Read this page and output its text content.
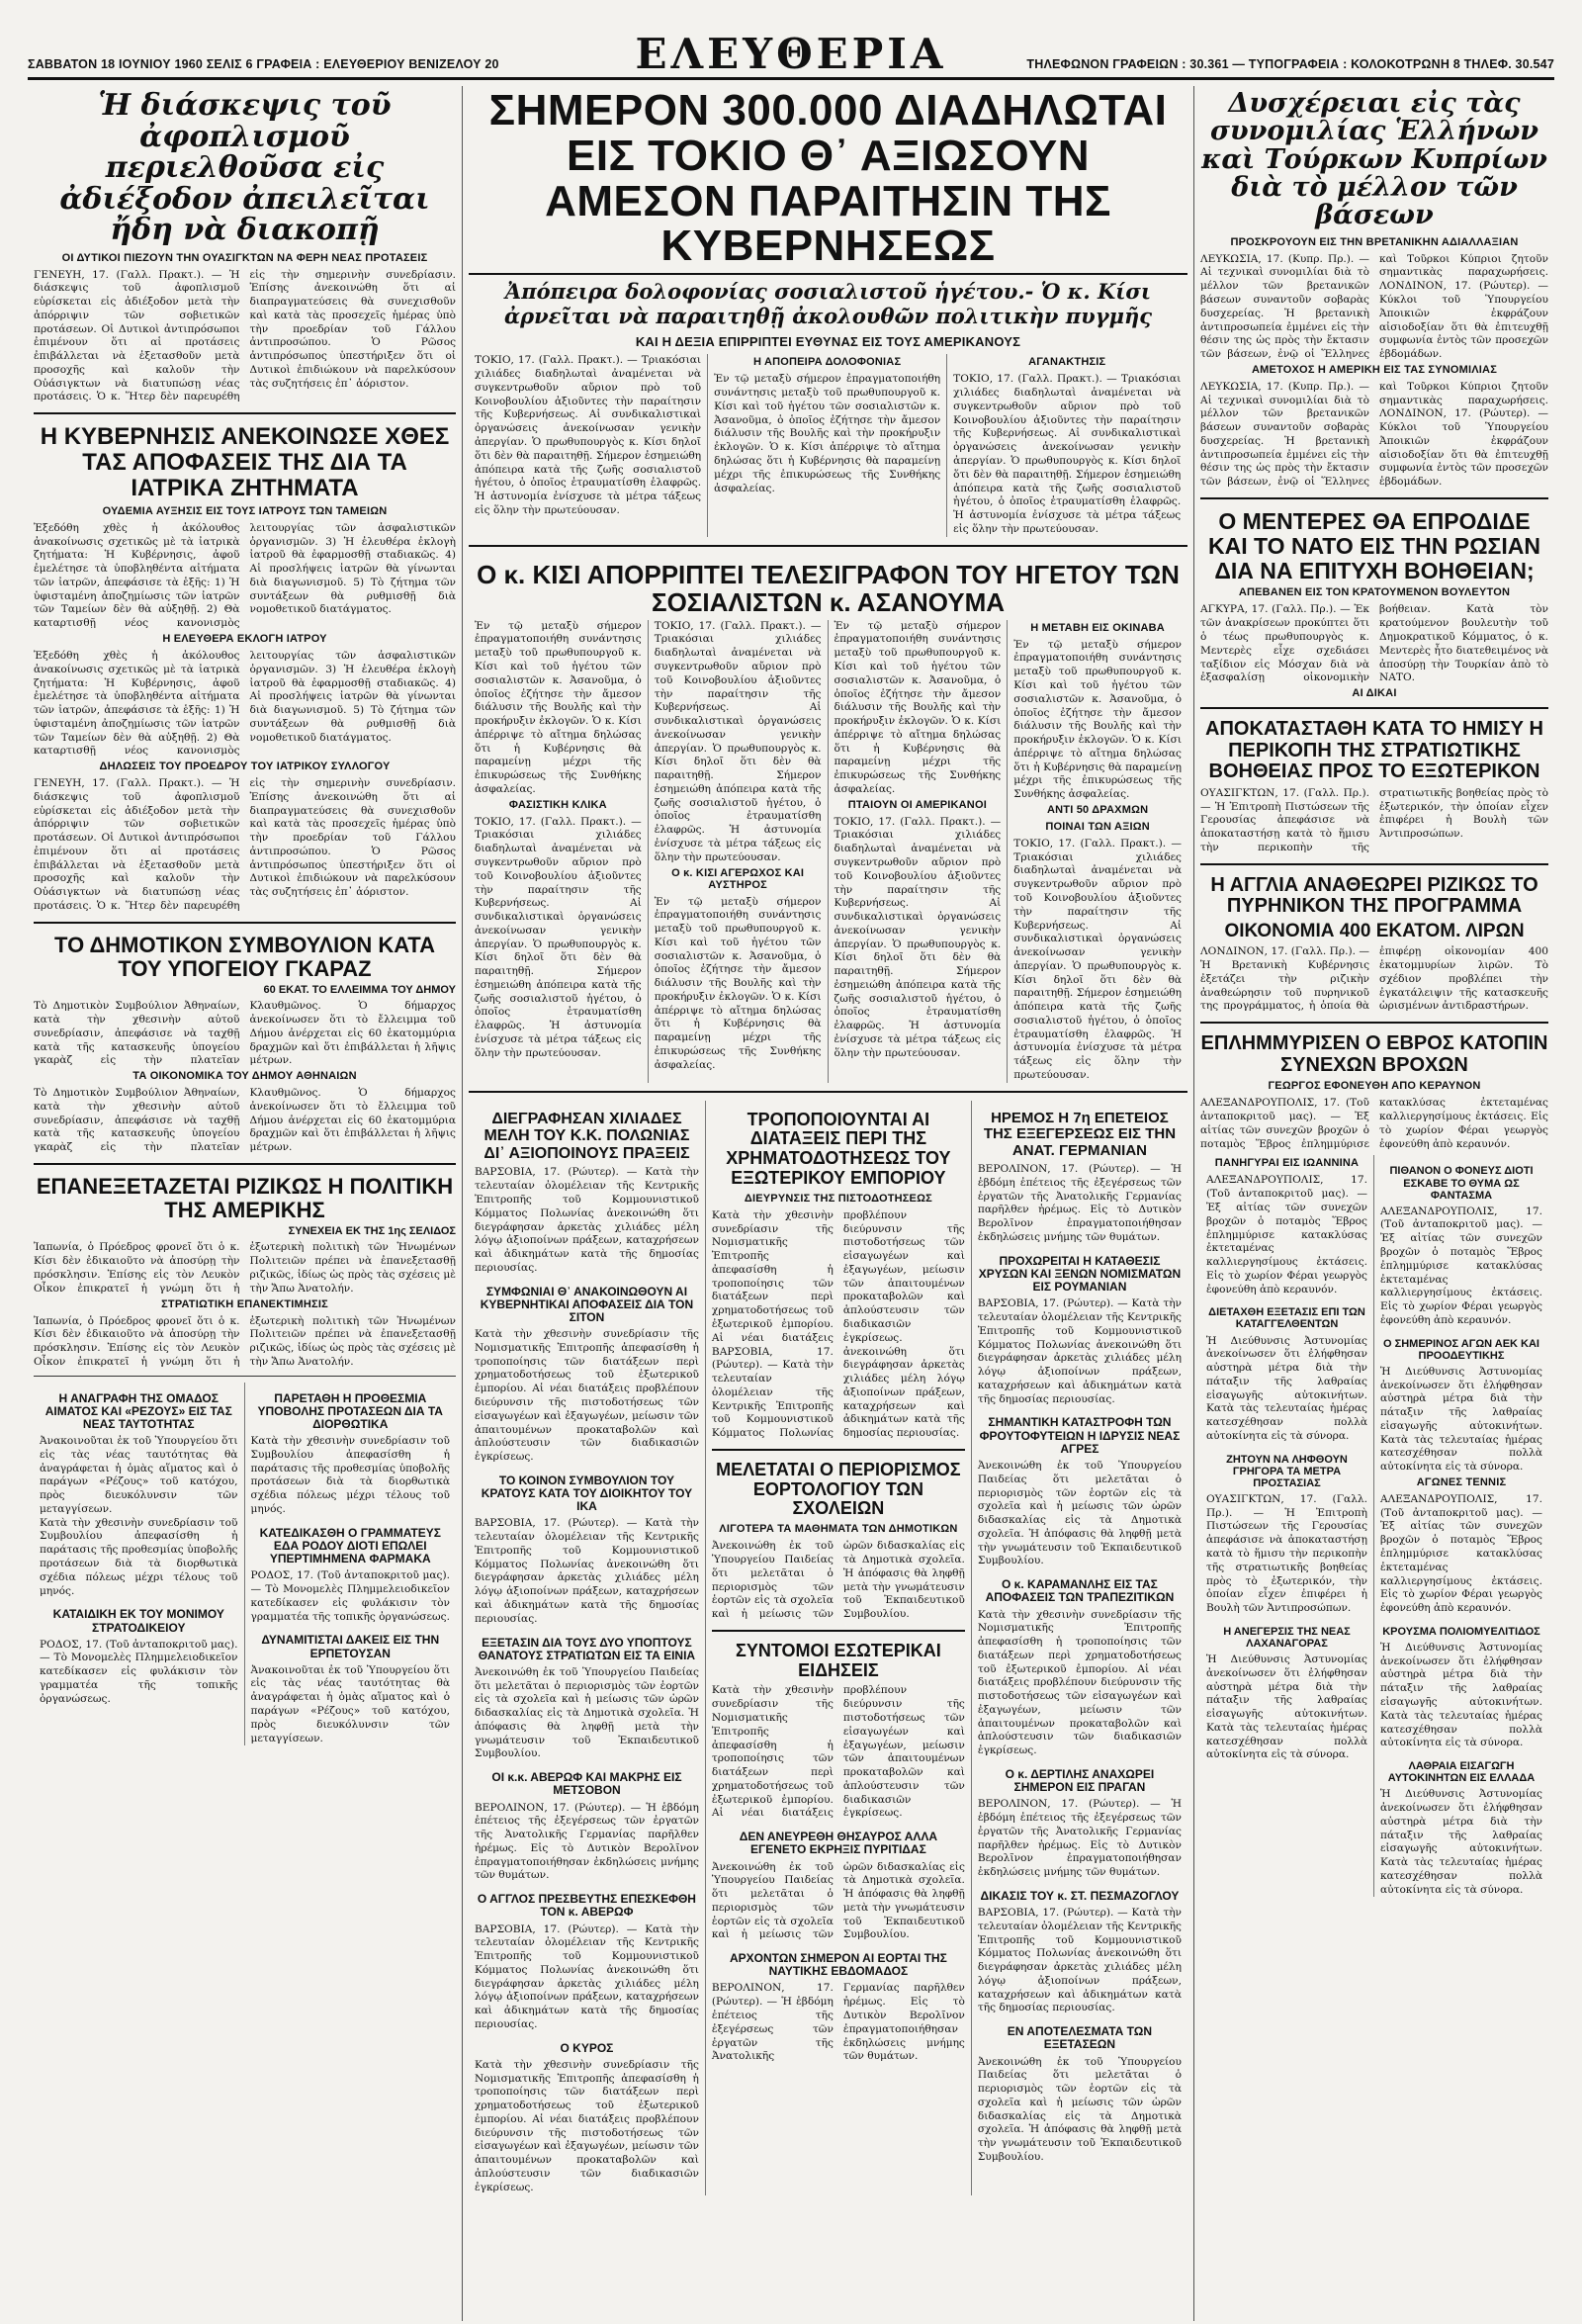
ΣΑΒΒΑΤΟΝ 18 ΙΟΥΝΙΟΥ 1960 ΣΕΛΙΣ 6 ΓΡΑΦΕΙΑ : ΕΛΕΥΘΕΡΙΟΥ ΒΕΝΙΖΕΛΟΥ 20	ΕΛΕΥΘΕΡΙΑ	ΤΗΛΕΦΩΝΟΝ ΓΡΑΦΕΙΩΝ : 30.361 — ΤΥΠΟΓΡΑΦΕΙΑ : ΚΟΛΟΚΟΤΡΩΝΗ 8 ΤΗΛΕΦ. 30.547
Ἡ διάσκεψις τοῦ ἀφοπλισμοῦ περιελθοῦσα εἰς ἀδιέξοδον ἀπειλεῖται ἤδη νὰ διακοπῇ
ΟΙ ΔΥΤΙΚΟΙ ΠΙΕΖΟΥΝ ΤΗΝ ΟΥΑΣΙΓΚΤΩΝ ΝΑ ΦΕΡΗ ΝΕΑΣ ΠΡΟΤΑΣΕΙΣ

ΓΕΝΕΥΗ, 17. (Γαλλ. Πρακτ.). — Ἡ διάσκεψις τοῦ ἀφοπλισμοῦ εὑρίσκεται εἰς ἀδιέξοδον μετὰ τὴν ἀπόρριψιν τῶν σοβιετικῶν προτάσεων. Οἱ Δυτικοὶ ἀντιπρόσωποι ἐπιμένουν ὅτι αἱ προτάσεις ἐπιβάλλεται νὰ ἐξετασθοῦν μετὰ προσοχῆς καὶ καλοῦν τὴν Οὐάσιγκτων νὰ διατυπώσῃ νέας προτάσεις. Ὁ κ. Ἥτερ δὲν παρευρέθη εἰς τὴν σημερινὴν συνεδρίασιν. Ἐπίσης ἀνεκοινώθη ὅτι αἱ διαπραγματεύσεις θὰ συνεχισθοῦν καὶ κατὰ τὰς προσεχεῖς ἡμέρας ὑπὸ τὴν προεδρίαν τοῦ Γάλλου ἀντιπροσώπου. Ὁ Ρῶσος ἀντιπρόσωπος ὑπεστήριξεν ὅτι οἱ Δυτικοὶ ἐπιδιώκουν νὰ παρελκύσουν τὰς συζητήσεις ἐπ᾽ ἀόριστον.

Η ΚΥΒΕΡΝΗΣΙΣ ΑΝΕΚΟΙΝΩΣΕ ΧΘΕΣ ΤΑΣ ΑΠΟΦΑΣΕΙΣ ΤΗΣ ΔΙΑ ΤΑ ΙΑΤΡΙΚΑ ΖΗΤΗΜΑΤΑ
ΟΥΔΕΜΙΑ ΑΥΞΗΣΙΣ ΕΙΣ ΤΟΥΣ ΙΑΤΡΟΥΣ ΤΩΝ ΤΑΜΕΙΩΝ

Ἐξεδόθη χθὲς ἡ ἀκόλουθος ἀνακοίνωσις σχετικῶς μὲ τὰ ἰατρικὰ ζητήματα: Ἡ Κυβέρνησις, ἀφοῦ ἐμελέτησε τὰ ὑποβληθέντα αἰτήματα τῶν ἰατρῶν, ἀπεφάσισε τὰ ἑξῆς: 1) Ἡ ὑφισταμένη ἀποζημίωσις τῶν ἰατρῶν τῶν Ταμείων δὲν θὰ αὐξηθῇ. 2) Θὰ καταρτισθῇ νέος κανονισμὸς λειτουργίας τῶν ἀσφαλιστικῶν ὀργανισμῶν. 3) Ἡ ἐλευθέρα ἐκλογὴ ἰατροῦ θὰ ἐφαρμοσθῇ σταδιακῶς. 4) Αἱ προσλήψεις ἰατρῶν θὰ γίνωνται διὰ διαγωνισμοῦ. 5) Τὸ ζήτημα τῶν συντάξεων θὰ ρυθμισθῇ διὰ νομοθετικοῦ διατάγματος.

Η ΕΛΕΥΘΕΡΑ ΕΚΛΟΓΗ ΙΑΤΡΟΥ

Ἐξεδόθη χθὲς ἡ ἀκόλουθος ἀνακοίνωσις σχετικῶς μὲ τὰ ἰατρικὰ ζητήματα: Ἡ Κυβέρνησις, ἀφοῦ ἐμελέτησε τὰ ὑποβληθέντα αἰτήματα τῶν ἰατρῶν, ἀπεφάσισε τὰ ἑξῆς: 1) Ἡ ὑφισταμένη ἀποζημίωσις τῶν ἰατρῶν τῶν Ταμείων δὲν θὰ αὐξηθῇ. 2) Θὰ καταρτισθῇ νέος κανονισμὸς λειτουργίας τῶν ἀσφαλιστικῶν ὀργανισμῶν. 3) Ἡ ἐλευθέρα ἐκλογὴ ἰατροῦ θὰ ἐφαρμοσθῇ σταδιακῶς. 4) Αἱ προσλήψεις ἰατρῶν θὰ γίνωνται διὰ διαγωνισμοῦ. 5) Τὸ ζήτημα τῶν συντάξεων θὰ ρυθμισθῇ διὰ νομοθετικοῦ διατάγματος.

ΔΗΛΩΣΕΙΣ ΤΟΥ ΠΡΟΕΔΡΟΥ ΤΟΥ ΙΑΤΡΙΚΟΥ ΣΥΛΛΟΓΟΥ

ΓΕΝΕΥΗ, 17. (Γαλλ. Πρακτ.). — Ἡ διάσκεψις τοῦ ἀφοπλισμοῦ εὑρίσκεται εἰς ἀδιέξοδον μετὰ τὴν ἀπόρριψιν τῶν σοβιετικῶν προτάσεων. Οἱ Δυτικοὶ ἀντιπρόσωποι ἐπιμένουν ὅτι αἱ προτάσεις ἐπιβάλλεται νὰ ἐξετασθοῦν μετὰ προσοχῆς καὶ καλοῦν τὴν Οὐάσιγκτων νὰ διατυπώσῃ νέας προτάσεις. Ὁ κ. Ἥτερ δὲν παρευρέθη εἰς τὴν σημερινὴν συνεδρίασιν. Ἐπίσης ἀνεκοινώθη ὅτι αἱ διαπραγματεύσεις θὰ συνεχισθοῦν καὶ κατὰ τὰς προσεχεῖς ἡμέρας ὑπὸ τὴν προεδρίαν τοῦ Γάλλου ἀντιπροσώπου. Ὁ Ρῶσος ἀντιπρόσωπος ὑπεστήριξεν ὅτι οἱ Δυτικοὶ ἐπιδιώκουν νὰ παρελκύσουν τὰς συζητήσεις ἐπ᾽ ἀόριστον.

ΤΟ ΔΗΜΟΤΙΚΟΝ ΣΥΜΒΟΥΛΙΟΝ ΚΑΤΑ ΤΟΥ ΥΠΟΓΕΙΟΥ ΓΚΑΡΑΖ
60 ΕΚΑΤ. ΤΟ ΕΛΛΕΙΜΜΑ ΤΟΥ ΔΗΜΟΥ

Τὸ Δημοτικὸν Συμβούλιον Ἀθηναίων, κατὰ τὴν χθεσινὴν αὐτοῦ συνεδρίασιν, ἀπεφάσισε νὰ ταχθῇ κατὰ τῆς κατασκευῆς ὑπογείου γκαρὰζ εἰς τὴν πλατεῖαν Κλαυθμῶνος. Ὁ δήμαρχος ἀνεκοίνωσεν ὅτι τὸ ἔλλειμμα τοῦ Δήμου ἀνέρχεται εἰς 60 ἑκατομμύρια δραχμῶν καὶ ὅτι ἐπιβάλλεται ἡ λῆψις μέτρων.

ΤΑ ΟΙΚΟΝΟΜΙΚΑ ΤΟΥ ΔΗΜΟΥ ΑΘΗΝΑΙΩΝ

Τὸ Δημοτικὸν Συμβούλιον Ἀθηναίων, κατὰ τὴν χθεσινὴν αὐτοῦ συνεδρίασιν, ἀπεφάσισε νὰ ταχθῇ κατὰ τῆς κατασκευῆς ὑπογείου γκαρὰζ εἰς τὴν πλατεῖαν Κλαυθμῶνος. Ὁ δήμαρχος ἀνεκοίνωσεν ὅτι τὸ ἔλλειμμα τοῦ Δήμου ἀνέρχεται εἰς 60 ἑκατομμύρια δραχμῶν καὶ ὅτι ἐπιβάλλεται ἡ λῆψις μέτρων.

ΕΠΑΝΕΞΕΤΑΖΕΤΑΙ ΡΙΖΙΚΩΣ Η ΠΟΛΙΤΙΚΗ ΤΗΣ ΑΜΕΡΙΚΗΣ
ΣΥΝΕΧΕΙΑ ΕΚ ΤΗΣ 1ης ΣΕΛΙΔΟΣ

Ἰαπωνία, ὁ Πρόεδρος φρονεῖ ὅτι ὁ κ. Κίσι δὲν ἐδικαιοῦτο νὰ ἀποσύρῃ τὴν πρόσκλησιν. Ἐπίσης εἰς τὸν Λευκὸν Οἶκον ἐπικρατεῖ ἡ γνώμη ὅτι ἡ ἐξωτερικὴ πολιτικὴ τῶν Ἡνωμένων Πολιτειῶν πρέπει νὰ ἐπανεξετασθῇ ριζικῶς, ἰδίως ὡς πρὸς τὰς σχέσεις μὲ τὴν Ἄπω Ἀνατολήν.

ΣΤΡΑΤΙΩΤΙΚΗ ΕΠΑΝΕΚΤΙΜΗΣΙΣ

Ἰαπωνία, ὁ Πρόεδρος φρονεῖ ὅτι ὁ κ. Κίσι δὲν ἐδικαιοῦτο νὰ ἀποσύρῃ τὴν πρόσκλησιν. Ἐπίσης εἰς τὸν Λευκὸν Οἶκον ἐπικρατεῖ ἡ γνώμη ὅτι ἡ ἐξωτερικὴ πολιτικὴ τῶν Ἡνωμένων Πολιτειῶν πρέπει νὰ ἐπανεξετασθῇ ριζικῶς, ἰδίως ὡς πρὸς τὰς σχέσεις μὲ τὴν Ἄπω Ἀνατολήν.

Η ΑΝΑΓΡΑΦΗ ΤΗΣ ΟΜΑΔΟΣ ΑΙΜΑΤΟΣ ΚΑΙ «ΡΕΖΟΥΣ» ΕΙΣ ΤΑΣ ΝΕΑΣ ΤΑΥΤΟΤΗΤΑΣ

Ἀνακοινοῦται ἐκ τοῦ Ὑπουργείου ὅτι εἰς τὰς νέας ταυτότητας θὰ ἀναγράφεται ἡ ὁμὰς αἵματος καὶ ὁ παράγων «Ρέζους» τοῦ κατόχου, πρὸς διευκόλυνσιν τῶν μεταγγίσεων.

Κατὰ τὴν χθεσινὴν συνεδρίασιν τοῦ Συμβουλίου ἀπεφασίσθη ἡ παράτασις τῆς προθεσμίας ὑποβολῆς προτάσεων διὰ τὰ διορθωτικὰ σχέδια πόλεως μέχρι τέλους τοῦ μηνός.

ΚΑΤΑΙΔΙΚΗ ΕΚ ΤΟΥ ΜΟΝΙΜΟΥ ΣΤΡΑΤΟΔΙΚΕΙΟΥ

ΡΟΔΟΣ, 17. (Τοῦ ἀνταποκριτοῦ μας). — Τὸ Μονομελὲς Πλημμελειοδικεῖον κατεδίκασεν εἰς φυλάκισιν τὸν γραμματέα τῆς τοπικῆς ὀργανώσεως.

ΠΑΡΕΤΑΘΗ Η ΠΡΟΘΕΣΜΙΑ ΥΠΟΒΟΛΗΣ ΠΡΟΤΑΣΕΩΝ ΔΙΑ ΤΑ ΔΙΟΡΘΩΤΙΚΑ

Κατὰ τὴν χθεσινὴν συνεδρίασιν τοῦ Συμβουλίου ἀπεφασίσθη ἡ παράτασις τῆς προθεσμίας ὑποβολῆς προτάσεων διὰ τὰ διορθωτικὰ σχέδια πόλεως μέχρι τέλους τοῦ μηνός.

ΚΑΤΕΔΙΚΑΣΘΗ Ο ΓΡΑΜΜΑΤΕΥΣ ΕΔΑ ΡΟΔΟΥ ΔΙΟΤΙ ΕΠΩΛΕΙ ΥΠΕΡΤΙΜΗΜΕΝΑ ΦΑΡΜΑΚΑ

ΡΟΔΟΣ, 17. (Τοῦ ἀνταποκριτοῦ μας). — Τὸ Μονομελὲς Πλημμελειοδικεῖον κατεδίκασεν εἰς φυλάκισιν τὸν γραμματέα τῆς τοπικῆς ὀργανώσεως.

ΔΥΝΑΜΙΤΙΣΤΑΙ ΔΑΚΕΙΣ ΕΙΣ ΤΗΝ ΕΡΠΕΤΟΥΣΑΝ

Ἀνακοινοῦται ἐκ τοῦ Ὑπουργείου ὅτι εἰς τὰς νέας ταυτότητας θὰ ἀναγράφεται ἡ ὁμὰς αἵματος καὶ ὁ παράγων «Ρέζους» τοῦ κατόχου, πρὸς διευκόλυνσιν τῶν μεταγγίσεων.

ΣΗΜΕΡΟΝ 300.000 ΔΙΑΔΗΛΩΤΑΙ ΕΙΣ ΤΟΚΙΟ Θ᾽ ΑΞΙΩΣΟΥΝ ΑΜΕΣΟΝ ΠΑΡΑΙΤΗΣΙΝ ΤΗΣ ΚΥΒΕΡΝΗΣΕΩΣ
Ἀπόπειρα δολοφονίας σοσιαλιστοῦ ἡγέτου.- Ὁ κ. Κίσι ἀρνεῖται νὰ παραιτηθῇ ἀκολουθῶν πολιτικὴν πυγμῆς
ΚΑΙ Η ΔΕΞΙΑ ΕΠΙΡΡΙΠΤΕΙ ΕΥΘΥΝΑΣ ΕΙΣ ΤΟΥΣ ΑΜΕΡΙΚΑΝΟΥΣ

ΤΟΚΙΟ, 17. (Γαλλ. Πρακτ.). — Τριακόσιαι χιλιάδες διαδηλωταὶ ἀναμένεται νὰ συγκεντρωθοῦν αὔριον πρὸ τοῦ Κοινοβουλίου ἀξιοῦντες τὴν παραίτησιν τῆς Κυβερνήσεως. Αἱ συνδικαλιστικαὶ ὀργανώσεις ἀνεκοίνωσαν γενικὴν ἀπεργίαν. Ὁ πρωθυπουργὸς κ. Κίσι δηλοῖ ὅτι δὲν θὰ παραιτηθῇ. Σήμερον ἐσημειώθη ἀπόπειρα κατὰ τῆς ζωῆς σοσιαλιστοῦ ἡγέτου, ὁ ὁποῖος ἐτραυματίσθη ἐλαφρῶς. Ἡ ἀστυνομία ἐνίσχυσε τὰ μέτρα τάξεως εἰς ὅλην τὴν πρωτεύουσαν.

Η ΑΠΟΠΕΙΡΑ ΔΟΛΟΦΟΝΙΑΣ

Ἐν τῷ μεταξὺ σήμερον ἐπραγματοποιήθη συνάντησις μεταξὺ τοῦ πρωθυπουργοῦ κ. Κίσι καὶ τοῦ ἡγέτου τῶν σοσιαλιστῶν κ. Ἀσανοῦμα, ὁ ὁποῖος ἐζήτησε τὴν ἄμεσον διάλυσιν τῆς Βουλῆς καὶ τὴν προκήρυξιν ἐκλογῶν. Ὁ κ. Κίσι ἀπέρριψε τὸ αἴτημα δηλώσας ὅτι ἡ Κυβέρνησις θὰ παραμείνῃ μέχρι τῆς ἐπικυρώσεως τῆς Συνθήκης ἀσφαλείας.

ΑΓΑΝΑΚΤΗΣΙΣ

ΤΟΚΙΟ, 17. (Γαλλ. Πρακτ.). — Τριακόσιαι χιλιάδες διαδηλωταὶ ἀναμένεται νὰ συγκεντρωθοῦν αὔριον πρὸ τοῦ Κοινοβουλίου ἀξιοῦντες τὴν παραίτησιν τῆς Κυβερνήσεως. Αἱ συνδικαλιστικαὶ ὀργανώσεις ἀνεκοίνωσαν γενικὴν ἀπεργίαν. Ὁ πρωθυπουργὸς κ. Κίσι δηλοῖ ὅτι δὲν θὰ παραιτηθῇ. Σήμερον ἐσημειώθη ἀπόπειρα κατὰ τῆς ζωῆς σοσιαλιστοῦ ἡγέτου, ὁ ὁποῖος ἐτραυματίσθη ἐλαφρῶς. Ἡ ἀστυνομία ἐνίσχυσε τὰ μέτρα τάξεως εἰς ὅλην τὴν πρωτεύουσαν.

Ο κ. ΚΙΣΙ ΑΠΟΡΡΙΠΤΕΙ ΤΕΛΕΣΙΓΡΑΦΟΝ ΤΟΥ ΗΓΕΤΟΥ ΤΩΝ ΣΟΣΙΑΛΙΣΤΩΝ κ. ΑΣΑΝΟΥΜΑ

Ἐν τῷ μεταξὺ σήμερον ἐπραγματοποιήθη συνάντησις μεταξὺ τοῦ πρωθυπουργοῦ κ. Κίσι καὶ τοῦ ἡγέτου τῶν σοσιαλιστῶν κ. Ἀσανοῦμα, ὁ ὁποῖος ἐζήτησε τὴν ἄμεσον διάλυσιν τῆς Βουλῆς καὶ τὴν προκήρυξιν ἐκλογῶν. Ὁ κ. Κίσι ἀπέρριψε τὸ αἴτημα δηλώσας ὅτι ἡ Κυβέρνησις θὰ παραμείνῃ μέχρι τῆς ἐπικυρώσεως τῆς Συνθήκης ἀσφαλείας.

ΦΑΣΙΣΤΙΚΗ ΚΛΙΚΑ

ΤΟΚΙΟ, 17. (Γαλλ. Πρακτ.). — Τριακόσιαι χιλιάδες διαδηλωταὶ ἀναμένεται νὰ συγκεντρωθοῦν αὔριον πρὸ τοῦ Κοινοβουλίου ἀξιοῦντες τὴν παραίτησιν τῆς Κυβερνήσεως. Αἱ συνδικαλιστικαὶ ὀργανώσεις ἀνεκοίνωσαν γενικὴν ἀπεργίαν. Ὁ πρωθυπουργὸς κ. Κίσι δηλοῖ ὅτι δὲν θὰ παραιτηθῇ. Σήμερον ἐσημειώθη ἀπόπειρα κατὰ τῆς ζωῆς σοσιαλιστοῦ ἡγέτου, ὁ ὁποῖος ἐτραυματίσθη ἐλαφρῶς. Ἡ ἀστυνομία ἐνίσχυσε τὰ μέτρα τάξεως εἰς ὅλην τὴν πρωτεύουσαν.

ΤΟΚΙΟ, 17. (Γαλλ. Πρακτ.). — Τριακόσιαι χιλιάδες διαδηλωταὶ ἀναμένεται νὰ συγκεντρωθοῦν αὔριον πρὸ τοῦ Κοινοβουλίου ἀξιοῦντες τὴν παραίτησιν τῆς Κυβερνήσεως. Αἱ συνδικαλιστικαὶ ὀργανώσεις ἀνεκοίνωσαν γενικὴν ἀπεργίαν. Ὁ πρωθυπουργὸς κ. Κίσι δηλοῖ ὅτι δὲν θὰ παραιτηθῇ. Σήμερον ἐσημειώθη ἀπόπειρα κατὰ τῆς ζωῆς σοσιαλιστοῦ ἡγέτου, ὁ ὁποῖος ἐτραυματίσθη ἐλαφρῶς. Ἡ ἀστυνομία ἐνίσχυσε τὰ μέτρα τάξεως εἰς ὅλην τὴν πρωτεύουσαν.

Ο κ. ΚΙΣΙ ΑΓΕΡΩΧΟΣ ΚΑΙ ΑΥΣΤΗΡΟΣ

Ἐν τῷ μεταξὺ σήμερον ἐπραγματοποιήθη συνάντησις μεταξὺ τοῦ πρωθυπουργοῦ κ. Κίσι καὶ τοῦ ἡγέτου τῶν σοσιαλιστῶν κ. Ἀσανοῦμα, ὁ ὁποῖος ἐζήτησε τὴν ἄμεσον διάλυσιν τῆς Βουλῆς καὶ τὴν προκήρυξιν ἐκλογῶν. Ὁ κ. Κίσι ἀπέρριψε τὸ αἴτημα δηλώσας ὅτι ἡ Κυβέρνησις θὰ παραμείνῃ μέχρι τῆς ἐπικυρώσεως τῆς Συνθήκης ἀσφαλείας.

Ἐν τῷ μεταξὺ σήμερον ἐπραγματοποιήθη συνάντησις μεταξὺ τοῦ πρωθυπουργοῦ κ. Κίσι καὶ τοῦ ἡγέτου τῶν σοσιαλιστῶν κ. Ἀσανοῦμα, ὁ ὁποῖος ἐζήτησε τὴν ἄμεσον διάλυσιν τῆς Βουλῆς καὶ τὴν προκήρυξιν ἐκλογῶν. Ὁ κ. Κίσι ἀπέρριψε τὸ αἴτημα δηλώσας ὅτι ἡ Κυβέρνησις θὰ παραμείνῃ μέχρι τῆς ἐπικυρώσεως τῆς Συνθήκης ἀσφαλείας.

ΠΤΑΙΟΥΝ ΟΙ ΑΜΕΡΙΚΑΝΟΙ

ΤΟΚΙΟ, 17. (Γαλλ. Πρακτ.). — Τριακόσιαι χιλιάδες διαδηλωταὶ ἀναμένεται νὰ συγκεντρωθοῦν αὔριον πρὸ τοῦ Κοινοβουλίου ἀξιοῦντες τὴν παραίτησιν τῆς Κυβερνήσεως. Αἱ συνδικαλιστικαὶ ὀργανώσεις ἀνεκοίνωσαν γενικὴν ἀπεργίαν. Ὁ πρωθυπουργὸς κ. Κίσι δηλοῖ ὅτι δὲν θὰ παραιτηθῇ. Σήμερον ἐσημειώθη ἀπόπειρα κατὰ τῆς ζωῆς σοσιαλιστοῦ ἡγέτου, ὁ ὁποῖος ἐτραυματίσθη ἐλαφρῶς. Ἡ ἀστυνομία ἐνίσχυσε τὰ μέτρα τάξεως εἰς ὅλην τὴν πρωτεύουσαν.

Η ΜΕΤΑΒΗ ΕΙΣ ΟΚΙΝΑΒΑ

Ἐν τῷ μεταξὺ σήμερον ἐπραγματοποιήθη συνάντησις μεταξὺ τοῦ πρωθυπουργοῦ κ. Κίσι καὶ τοῦ ἡγέτου τῶν σοσιαλιστῶν κ. Ἀσανοῦμα, ὁ ὁποῖος ἐζήτησε τὴν ἄμεσον διάλυσιν τῆς Βουλῆς καὶ τὴν προκήρυξιν ἐκλογῶν. Ὁ κ. Κίσι ἀπέρριψε τὸ αἴτημα δηλώσας ὅτι ἡ Κυβέρνησις θὰ παραμείνῃ μέχρι τῆς ἐπικυρώσεως τῆς Συνθήκης ἀσφαλείας.

ΑΝΤΙ 50 ΔΡΑΧΜΩΝ
ΠΟΙΝΑΙ ΤΩΝ ΑΞΙΩΝ

ΤΟΚΙΟ, 17. (Γαλλ. Πρακτ.). — Τριακόσιαι χιλιάδες διαδηλωταὶ ἀναμένεται νὰ συγκεντρωθοῦν αὔριον πρὸ τοῦ Κοινοβουλίου ἀξιοῦντες τὴν παραίτησιν τῆς Κυβερνήσεως. Αἱ συνδικαλιστικαὶ ὀργανώσεις ἀνεκοίνωσαν γενικὴν ἀπεργίαν. Ὁ πρωθυπουργὸς κ. Κίσι δηλοῖ ὅτι δὲν θὰ παραιτηθῇ. Σήμερον ἐσημειώθη ἀπόπειρα κατὰ τῆς ζωῆς σοσιαλιστοῦ ἡγέτου, ὁ ὁποῖος ἐτραυματίσθη ἐλαφρῶς. Ἡ ἀστυνομία ἐνίσχυσε τὰ μέτρα τάξεως εἰς ὅλην τὴν πρωτεύουσαν.

ΔΙΕΓΡΑΦΗΣΑΝ ΧΙΛΙΑΔΕΣ ΜΕΛΗ ΤΟΥ Κ.Κ. ΠΟΛΩΝΙΑΣ ΔΙ᾽ ΑΞΙΟΠΟΙΝΟΥΣ ΠΡΑΞΕΙΣ

ΒΑΡΣΟΒΙΑ, 17. (Ρώυτερ). — Κατὰ τὴν τελευταίαν ὀλομέλειαν τῆς Κεντρικῆς Ἐπιτροπῆς τοῦ Κομμουνιστικοῦ Κόμματος Πολωνίας ἀνεκοινώθη ὅτι διεγράφησαν ἀρκετὰς χιλιάδες μέλη λόγῳ ἀξιοποίνων πράξεων, καταχρήσεων καὶ ἀδικημάτων κατὰ τῆς δημοσίας περιουσίας.

ΣΥΜΦΩΝΙΑΙ Θ᾽ ΑΝΑΚΟΙΝΩΘΟΥΝ ΑΙ ΚΥΒΕΡΝΗΤΙΚΑΙ ΑΠΟΦΑΣΕΙΣ ΔΙΑ ΤΟΝ ΣΙΤΟΝ

Κατὰ τὴν χθεσινὴν συνεδρίασιν τῆς Νομισματικῆς Ἐπιτροπῆς ἀπεφασίσθη ἡ τροποποίησις τῶν διατάξεων περὶ χρηματοδοτήσεως τοῦ ἐξωτερικοῦ ἐμπορίου. Αἱ νέαι διατάξεις προβλέπουν διεύρυνσιν τῆς πιστοδοτήσεως τῶν εἰσαγωγέων καὶ ἐξαγωγέων, μείωσιν τῶν ἀπαιτουμένων προκαταβολῶν καὶ ἁπλούστευσιν τῶν διαδικασιῶν ἐγκρίσεως.

ΤΟ ΚΟΙΝΟΝ ΣΥΜΒΟΥΛΙΟΝ ΤΟΥ ΚΡΑΤΟΥΣ ΚΑΤΑ ΤΟΥ ΔΙΟΙΚΗΤΟΥ ΤΟΥ ΙΚΑ

ΒΑΡΣΟΒΙΑ, 17. (Ρώυτερ). — Κατὰ τὴν τελευταίαν ὀλομέλειαν τῆς Κεντρικῆς Ἐπιτροπῆς τοῦ Κομμουνιστικοῦ Κόμματος Πολωνίας ἀνεκοινώθη ὅτι διεγράφησαν ἀρκετὰς χιλιάδες μέλη λόγῳ ἀξιοποίνων πράξεων, καταχρήσεων καὶ ἀδικημάτων κατὰ τῆς δημοσίας περιουσίας.

ΕΞΕΤΑΣΙΝ ΔΙΑ ΤΟΥΣ ΔΥΟ ΥΠΟΠΤΟΥΣ ΘΑΝΑΤΟΥΣ ΣΤΡΑΤΙΩΤΩΝ ΕΙΣ ΤΑ ΕΙΝΙΑ

Ἀνεκοινώθη ἐκ τοῦ Ὑπουργείου Παιδείας ὅτι μελετᾶται ὁ περιορισμὸς τῶν ἑορτῶν εἰς τὰ σχολεῖα καὶ ἡ μείωσις τῶν ὡρῶν διδασκαλίας εἰς τὰ Δημοτικὰ σχολεῖα. Ἡ ἀπόφασις θὰ ληφθῇ μετὰ τὴν γνωμάτευσιν τοῦ Ἐκπαιδευτικοῦ Συμβουλίου.

ΟΙ κ.κ. ΑΒΕΡΩΦ ΚΑΙ ΜΑΚΡΗΣ ΕΙΣ ΜΕΤΣΟΒΟΝ

ΒΕΡΟΛΙΝΟΝ, 17. (Ρώυτερ). — Ἡ ἑβδόμη ἐπέτειος τῆς ἐξεγέρσεως τῶν ἐργατῶν τῆς Ἀνατολικῆς Γερμανίας παρῆλθεν ἠρέμως. Εἰς τὸ Δυτικὸν Βερολῖνον ἐπραγματοποιήθησαν ἐκδηλώσεις μνήμης τῶν θυμάτων.

Ο ΑΓΓΛΟΣ ΠΡΕΣΒΕΥΤΗΣ ΕΠΕΣΚΕΦΘΗ ΤΟΝ κ. ΑΒΕΡΩΦ

ΒΑΡΣΟΒΙΑ, 17. (Ρώυτερ). — Κατὰ τὴν τελευταίαν ὀλομέλειαν τῆς Κεντρικῆς Ἐπιτροπῆς τοῦ Κομμουνιστικοῦ Κόμματος Πολωνίας ἀνεκοινώθη ὅτι διεγράφησαν ἀρκετὰς χιλιάδες μέλη λόγῳ ἀξιοποίνων πράξεων, καταχρήσεων καὶ ἀδικημάτων κατὰ τῆς δημοσίας περιουσίας.

Ο ΚΥΡΟΣ

Κατὰ τὴν χθεσινὴν συνεδρίασιν τῆς Νομισματικῆς Ἐπιτροπῆς ἀπεφασίσθη ἡ τροποποίησις τῶν διατάξεων περὶ χρηματοδοτήσεως τοῦ ἐξωτερικοῦ ἐμπορίου. Αἱ νέαι διατάξεις προβλέπουν διεύρυνσιν τῆς πιστοδοτήσεως τῶν εἰσαγωγέων καὶ ἐξαγωγέων, μείωσιν τῶν ἀπαιτουμένων προκαταβολῶν καὶ ἁπλούστευσιν τῶν διαδικασιῶν ἐγκρίσεως.

ΤΡΟΠΟΠΟΙΟΥΝΤΑΙ ΑΙ ΔΙΑΤΑΞΕΙΣ ΠΕΡΙ ΤΗΣ ΧΡΗΜΑΤΟΔΟΤΗΣΕΩΣ ΤΟΥ ΕΞΩΤΕΡΙΚΟΥ ΕΜΠΟΡΙΟΥ
ΔΙΕΥΡΥΝΣΙΣ ΤΗΣ ΠΙΣΤΟΔΟΤΗΣΕΩΣ

Κατὰ τὴν χθεσινὴν συνεδρίασιν τῆς Νομισματικῆς Ἐπιτροπῆς ἀπεφασίσθη ἡ τροποποίησις τῶν διατάξεων περὶ χρηματοδοτήσεως τοῦ ἐξωτερικοῦ ἐμπορίου. Αἱ νέαι διατάξεις προβλέπουν διεύρυνσιν τῆς πιστοδοτήσεως τῶν εἰσαγωγέων καὶ ἐξαγωγέων, μείωσιν τῶν ἀπαιτουμένων προκαταβολῶν καὶ ἁπλούστευσιν τῶν διαδικασιῶν ἐγκρίσεως.

ΒΑΡΣΟΒΙΑ, 17. (Ρώυτερ). — Κατὰ τὴν τελευταίαν ὀλομέλειαν τῆς Κεντρικῆς Ἐπιτροπῆς τοῦ Κομμουνιστικοῦ Κόμματος Πολωνίας ἀνεκοινώθη ὅτι διεγράφησαν ἀρκετὰς χιλιάδες μέλη λόγῳ ἀξιοποίνων πράξεων, καταχρήσεων καὶ ἀδικημάτων κατὰ τῆς δημοσίας περιουσίας.

ΜΕΛΕΤΑΤΑΙ Ο ΠΕΡΙΟΡΙΣΜΟΣ ΕΟΡΤΟΛΟΓΙΟΥ ΤΩΝ ΣΧΟΛΕΙΩΝ
ΛΙΓΟΤΕΡΑ ΤΑ ΜΑΘΗΜΑΤΑ ΤΩΝ ΔΗΜΟΤΙΚΩΝ

Ἀνεκοινώθη ἐκ τοῦ Ὑπουργείου Παιδείας ὅτι μελετᾶται ὁ περιορισμὸς τῶν ἑορτῶν εἰς τὰ σχολεῖα καὶ ἡ μείωσις τῶν ὡρῶν διδασκαλίας εἰς τὰ Δημοτικὰ σχολεῖα. Ἡ ἀπόφασις θὰ ληφθῇ μετὰ τὴν γνωμάτευσιν τοῦ Ἐκπαιδευτικοῦ Συμβουλίου.

ΣΥΝΤΟΜΟΙ ΕΣΩΤΕΡΙΚΑΙ ΕΙΔΗΣΕΙΣ

Κατὰ τὴν χθεσινὴν συνεδρίασιν τῆς Νομισματικῆς Ἐπιτροπῆς ἀπεφασίσθη ἡ τροποποίησις τῶν διατάξεων περὶ χρηματοδοτήσεως τοῦ ἐξωτερικοῦ ἐμπορίου. Αἱ νέαι διατάξεις προβλέπουν διεύρυνσιν τῆς πιστοδοτήσεως τῶν εἰσαγωγέων καὶ ἐξαγωγέων, μείωσιν τῶν ἀπαιτουμένων προκαταβολῶν καὶ ἁπλούστευσιν τῶν διαδικασιῶν ἐγκρίσεως.

ΔΕΝ ΑΝΕΥΡΕΘΗ ΘΗΣΑΥΡΟΣ ΑΛΛΑ ΕΓΕΝΕΤΟ ΕΚΡΗΞΙΣ ΠΥΡΙΤΙΔΑΣ

Ἀνεκοινώθη ἐκ τοῦ Ὑπουργείου Παιδείας ὅτι μελετᾶται ὁ περιορισμὸς τῶν ἑορτῶν εἰς τὰ σχολεῖα καὶ ἡ μείωσις τῶν ὡρῶν διδασκαλίας εἰς τὰ Δημοτικὰ σχολεῖα. Ἡ ἀπόφασις θὰ ληφθῇ μετὰ τὴν γνωμάτευσιν τοῦ Ἐκπαιδευτικοῦ Συμβουλίου.

ΑΡΧΟΝΤΩΝ ΣΗΜΕΡΟΝ ΑΙ ΕΟΡΤΑΙ ΤΗΣ ΝΑΥΤΙΚΗΣ ΕΒΔΟΜΑΔΟΣ

ΒΕΡΟΛΙΝΟΝ, 17. (Ρώυτερ). — Ἡ ἑβδόμη ἐπέτειος τῆς ἐξεγέρσεως τῶν ἐργατῶν τῆς Ἀνατολικῆς Γερμανίας παρῆλθεν ἠρέμως. Εἰς τὸ Δυτικὸν Βερολῖνον ἐπραγματοποιήθησαν ἐκδηλώσεις μνήμης τῶν θυμάτων.

ΗΡΕΜΟΣ Η 7η ΕΠΕΤΕΙΟΣ ΤΗΣ ΕΞΕΓΕΡΣΕΩΣ ΕΙΣ ΤΗΝ ΑΝΑΤ. ΓΕΡΜΑΝΙΑΝ

ΒΕΡΟΛΙΝΟΝ, 17. (Ρώυτερ). — Ἡ ἑβδόμη ἐπέτειος τῆς ἐξεγέρσεως τῶν ἐργατῶν τῆς Ἀνατολικῆς Γερμανίας παρῆλθεν ἠρέμως. Εἰς τὸ Δυτικὸν Βερολῖνον ἐπραγματοποιήθησαν ἐκδηλώσεις μνήμης τῶν θυμάτων.

ΠΡΟΧΩΡΕΙΤΑΙ Η ΚΑΤΑΘΕΣΙΣ ΧΡΥΣΩΝ ΚΑΙ ΞΕΝΩΝ ΝΟΜΙΣΜΑΤΩΝ ΕΙΣ ΡΟΥΜΑΝΙΑΝ

ΒΑΡΣΟΒΙΑ, 17. (Ρώυτερ). — Κατὰ τὴν τελευταίαν ὀλομέλειαν τῆς Κεντρικῆς Ἐπιτροπῆς τοῦ Κομμουνιστικοῦ Κόμματος Πολωνίας ἀνεκοινώθη ὅτι διεγράφησαν ἀρκετὰς χιλιάδες μέλη λόγῳ ἀξιοποίνων πράξεων, καταχρήσεων καὶ ἀδικημάτων κατὰ τῆς δημοσίας περιουσίας.

ΣΗΜΑΝΤΙΚΗ ΚΑΤΑΣΤΡΟΦΗ ΤΩΝ ΦΡΟΥΤΟΦΥΤΕΙΩΝ Η ΙΔΡΥΣΙΣ ΝΕΑΣ ΑΓΡΕΣ

Ἀνεκοινώθη ἐκ τοῦ Ὑπουργείου Παιδείας ὅτι μελετᾶται ὁ περιορισμὸς τῶν ἑορτῶν εἰς τὰ σχολεῖα καὶ ἡ μείωσις τῶν ὡρῶν διδασκαλίας εἰς τὰ Δημοτικὰ σχολεῖα. Ἡ ἀπόφασις θὰ ληφθῇ μετὰ τὴν γνωμάτευσιν τοῦ Ἐκπαιδευτικοῦ Συμβουλίου.

Ο κ. ΚΑΡΑΜΑΝΛΗΣ ΕΙΣ ΤΑΣ ΑΠΟΦΑΣΕΙΣ ΤΩΝ ΤΡΑΠΕΖΙΤΙΚΩΝ

Κατὰ τὴν χθεσινὴν συνεδρίασιν τῆς Νομισματικῆς Ἐπιτροπῆς ἀπεφασίσθη ἡ τροποποίησις τῶν διατάξεων περὶ χρηματοδοτήσεως τοῦ ἐξωτερικοῦ ἐμπορίου. Αἱ νέαι διατάξεις προβλέπουν διεύρυνσιν τῆς πιστοδοτήσεως τῶν εἰσαγωγέων καὶ ἐξαγωγέων, μείωσιν τῶν ἀπαιτουμένων προκαταβολῶν καὶ ἁπλούστευσιν τῶν διαδικασιῶν ἐγκρίσεως.

Ο κ. ΔΕΡΤΙΛΗΣ ΑΝΑΧΩΡΕΙ ΣΗΜΕΡΟΝ ΕΙΣ ΠΡΑΓΑΝ

ΒΕΡΟΛΙΝΟΝ, 17. (Ρώυτερ). — Ἡ ἑβδόμη ἐπέτειος τῆς ἐξεγέρσεως τῶν ἐργατῶν τῆς Ἀνατολικῆς Γερμανίας παρῆλθεν ἠρέμως. Εἰς τὸ Δυτικὸν Βερολῖνον ἐπραγματοποιήθησαν ἐκδηλώσεις μνήμης τῶν θυμάτων.

ΔΙΚΑΣΙΣ ΤΟΥ κ. ΣΤ. ΠΕΣΜΑΖΟΓΛΟΥ

ΒΑΡΣΟΒΙΑ, 17. (Ρώυτερ). — Κατὰ τὴν τελευταίαν ὀλομέλειαν τῆς Κεντρικῆς Ἐπιτροπῆς τοῦ Κομμουνιστικοῦ Κόμματος Πολωνίας ἀνεκοινώθη ὅτι διεγράφησαν ἀρκετὰς χιλιάδες μέλη λόγῳ ἀξιοποίνων πράξεων, καταχρήσεων καὶ ἀδικημάτων κατὰ τῆς δημοσίας περιουσίας.

ΕΝ ΑΠΟΤΕΛΕΣΜΑΤΑ ΤΩΝ ΕΞΕΤΑΣΕΩΝ

Ἀνεκοινώθη ἐκ τοῦ Ὑπουργείου Παιδείας ὅτι μελετᾶται ὁ περιορισμὸς τῶν ἑορτῶν εἰς τὰ σχολεῖα καὶ ἡ μείωσις τῶν ὡρῶν διδασκαλίας εἰς τὰ Δημοτικὰ σχολεῖα. Ἡ ἀπόφασις θὰ ληφθῇ μετὰ τὴν γνωμάτευσιν τοῦ Ἐκπαιδευτικοῦ Συμβουλίου.

Δυσχέρειαι εἰς τὰς συνομιλίας Ἑλλήνων καὶ Τούρκων Κυπρίων διὰ τὸ μέλλον τῶν βάσεων
ΠΡΟΣΚΡΟΥΟΥΝ ΕΙΣ ΤΗΝ ΒΡΕΤΑΝΙΚΗΝ ΑΔΙΑΛΛΑΞΙΑΝ

ΛΕΥΚΩΣΙΑ, 17. (Κυπρ. Πρ.). — Αἱ τεχνικαὶ συνομιλίαι διὰ τὸ μέλλον τῶν βρετανικῶν βάσεων συναντοῦν σοβαρὰς δυσχερείας. Ἡ βρετανικὴ ἀντιπροσωπεία ἐμμένει εἰς τὴν θέσιν της ὡς πρὸς τὴν ἔκτασιν τῶν βάσεων, ἐνῷ οἱ Ἕλληνες καὶ Τοῦρκοι Κύπριοι ζητοῦν σημαντικὰς παραχωρήσεις. ΛΟΝΔΙΝΟΝ, 17. (Ρώυτερ). — Κύκλοι τοῦ Ὑπουργείου Ἀποικιῶν ἐκφράζουν αἰσιοδοξίαν ὅτι θὰ ἐπιτευχθῇ συμφωνία ἐντὸς τῶν προσεχῶν ἑβδομάδων.

ΑΜΕΤΟΧΟΣ Η ΑΜΕΡΙΚΗ ΕΙΣ ΤΑΣ ΣΥΝΟΜΙΛΙΑΣ

ΛΕΥΚΩΣΙΑ, 17. (Κυπρ. Πρ.). — Αἱ τεχνικαὶ συνομιλίαι διὰ τὸ μέλλον τῶν βρετανικῶν βάσεων συναντοῦν σοβαρὰς δυσχερείας. Ἡ βρετανικὴ ἀντιπροσωπεία ἐμμένει εἰς τὴν θέσιν της ὡς πρὸς τὴν ἔκτασιν τῶν βάσεων, ἐνῷ οἱ Ἕλληνες καὶ Τοῦρκοι Κύπριοι ζητοῦν σημαντικὰς παραχωρήσεις. ΛΟΝΔΙΝΟΝ, 17. (Ρώυτερ). — Κύκλοι τοῦ Ὑπουργείου Ἀποικιῶν ἐκφράζουν αἰσιοδοξίαν ὅτι θὰ ἐπιτευχθῇ συμφωνία ἐντὸς τῶν προσεχῶν ἑβδομάδων.

Ο ΜΕΝΤΕΡΕΣ ΘΑ ΕΠΡΟΔΙΔΕ ΚΑΙ ΤΟ ΝΑΤΟ ΕΙΣ ΤΗΝ ΡΩΣΙΑΝ ΔΙΑ ΝΑ ΕΠΙΤΥΧΗ ΒΟΗΘΕΙΑΝ;
ΑΠΕΒΑΝΕΝ ΕΙΣ ΤΟΝ ΚΡΑΤΟΥΜΕΝΟΝ ΒΟΥΛΕΥΤΟΝ

ΑΓΚΥΡΑ, 17. (Γαλλ. Πρ.). — Ἐκ τῶν ἀνακρίσεων προκύπτει ὅτι ὁ τέως πρωθυπουργὸς κ. Μεντερὲς εἶχε σχεδιάσει ταξίδιον εἰς Μόσχαν διὰ νὰ ἐξασφαλίσῃ οἰκονομικὴν βοήθειαν. Κατὰ τὸν κρατούμενον βουλευτὴν τοῦ Δημοκρατικοῦ Κόμματος, ὁ κ. Μεντερὲς ἦτο διατεθειμένος νὰ ἀποσύρῃ τὴν Τουρκίαν ἀπὸ τὸ ΝΑΤΟ.

ΑΙ ΔΙΚΑΙ
ΑΠΟΚΑΤΑΣΤΑΘΗ ΚΑΤΑ ΤΟ ΗΜΙΣΥ Η ΠΕΡΙΚΟΠΗ ΤΗΣ ΣΤΡΑΤΙΩΤΙΚΗΣ ΒΟΗΘΕΙΑΣ ΠΡΟΣ ΤΟ ΕΞΩΤΕΡΙΚΟΝ

ΟΥΑΣΙΓΚΤΩΝ, 17. (Γαλλ. Πρ.). — Ἡ Ἐπιτροπὴ Πιστώσεων τῆς Γερουσίας ἀπεφάσισε νὰ ἀποκαταστήσῃ κατὰ τὸ ἥμισυ τὴν περικοπὴν τῆς στρατιωτικῆς βοηθείας πρὸς τὸ ἐξωτερικόν, τὴν ὁποίαν εἶχεν ἐπιφέρει ἡ Βουλὴ τῶν Ἀντιπροσώπων.

Η ΑΓΓΛΙΑ ΑΝΑΘΕΩΡΕΙ ΡΙΖΙΚΩΣ ΤΟ ΠΥΡΗΝΙΚΟΝ ΤΗΣ ΠΡΟΓΡΑΜΜΑ
ΟΙΚΟΝΟΜΙΑ 400 ΕΚΑΤΟΜ. ΛΙΡΩΝ

ΛΟΝΔΙΝΟΝ, 17. (Γαλλ. Πρ.). — Ἡ Βρετανικὴ Κυβέρνησις ἐξετάζει τὴν ριζικὴν ἀναθεώρησιν τοῦ πυρηνικοῦ της προγράμματος, ἡ ὁποία θὰ ἐπιφέρῃ οἰκονομίαν 400 ἑκατομμυρίων λιρῶν. Τὸ σχέδιον προβλέπει τὴν ἐγκατάλειψιν τῆς κατασκευῆς ὡρισμένων ἀντιδραστήρων.

ΕΠΛΗΜΜΥΡΙΣΕΝ Ο ΕΒΡΟΣ ΚΑΤΟΠΙΝ ΣΥΝΕΧΩΝ ΒΡΟΧΩΝ
ΓΕΩΡΓΟΣ ΕΦΟΝΕΥΘΗ ΑΠΟ ΚΕΡΑΥΝΟΝ

ΑΛΕΞΑΝΔΡΟΥΠΟΛΙΣ, 17. (Τοῦ ἀνταποκριτοῦ μας). — Ἐξ αἰτίας τῶν συνεχῶν βροχῶν ὁ ποταμὸς Ἕβρος ἐπλημμύρισε κατακλύσας ἐκτεταμένας καλλιεργησίμους ἐκτάσεις. Εἰς τὸ χωρίον Φέραι γεωργὸς ἐφονεύθη ἀπὸ κεραυνόν.

ΠΑΝΗΓΥΡΑΙ ΕΙΣ ΙΩΑΝΝΙΝΑ

ΑΛΕΞΑΝΔΡΟΥΠΟΛΙΣ, 17. (Τοῦ ἀνταποκριτοῦ μας). — Ἐξ αἰτίας τῶν συνεχῶν βροχῶν ὁ ποταμὸς Ἕβρος ἐπλημμύρισε κατακλύσας ἐκτεταμένας καλλιεργησίμους ἐκτάσεις. Εἰς τὸ χωρίον Φέραι γεωργὸς ἐφονεύθη ἀπὸ κεραυνόν.

ΔΙΕΤΑΧΘΗ ΕΞΕΤΑΣΙΣ ΕΠΙ ΤΩΝ ΚΑΤΑΓΓΕΛΘΕΝΤΩΝ

Ἡ Διεύθυνσις Ἀστυνομίας ἀνεκοίνωσεν ὅτι ἐλήφθησαν αὐστηρὰ μέτρα διὰ τὴν πάταξιν τῆς λαθραίας εἰσαγωγῆς αὐτοκινήτων. Κατὰ τὰς τελευταίας ἡμέρας κατεσχέθησαν πολλὰ αὐτοκίνητα εἰς τὰ σύνορα.

ΖΗΤΟΥΝ ΝΑ ΛΗΦΘΟΥΝ ΓΡΗΓΟΡΑ ΤΑ ΜΕΤΡΑ ΠΡΟΣΤΑΣΙΑΣ

ΟΥΑΣΙΓΚΤΩΝ, 17. (Γαλλ. Πρ.). — Ἡ Ἐπιτροπὴ Πιστώσεων τῆς Γερουσίας ἀπεφάσισε νὰ ἀποκαταστήσῃ κατὰ τὸ ἥμισυ τὴν περικοπὴν τῆς στρατιωτικῆς βοηθείας πρὸς τὸ ἐξωτερικόν, τὴν ὁποίαν εἶχεν ἐπιφέρει ἡ Βουλὴ τῶν Ἀντιπροσώπων.

Η ΑΝΕΓΕΡΣΙΣ ΤΗΣ ΝΕΑΣ ΛΑΧΑΝΑΓΟΡΑΣ

Ἡ Διεύθυνσις Ἀστυνομίας ἀνεκοίνωσεν ὅτι ἐλήφθησαν αὐστηρὰ μέτρα διὰ τὴν πάταξιν τῆς λαθραίας εἰσαγωγῆς αὐτοκινήτων. Κατὰ τὰς τελευταίας ἡμέρας κατεσχέθησαν πολλὰ αὐτοκίνητα εἰς τὰ σύνορα.

ΠΙΘΑΝΟΝ Ο ΦΟΝΕΥΣ ΔΙΟΤΙ ΕΣΚΑΒΕ ΤΟ ΘΥΜΑ ΩΣ ΦΑΝΤΑΣΜΑ

ΑΛΕΞΑΝΔΡΟΥΠΟΛΙΣ, 17. (Τοῦ ἀνταποκριτοῦ μας). — Ἐξ αἰτίας τῶν συνεχῶν βροχῶν ὁ ποταμὸς Ἕβρος ἐπλημμύρισε κατακλύσας ἐκτεταμένας καλλιεργησίμους ἐκτάσεις. Εἰς τὸ χωρίον Φέραι γεωργὸς ἐφονεύθη ἀπὸ κεραυνόν.

Ο ΣΗΜΕΡΙΝΟΣ ΑΓΩΝ ΑΕΚ ΚΑΙ ΠΡΟΟΔΕΥΤΙΚΗΣ

Ἡ Διεύθυνσις Ἀστυνομίας ἀνεκοίνωσεν ὅτι ἐλήφθησαν αὐστηρὰ μέτρα διὰ τὴν πάταξιν τῆς λαθραίας εἰσαγωγῆς αὐτοκινήτων. Κατὰ τὰς τελευταίας ἡμέρας κατεσχέθησαν πολλὰ αὐτοκίνητα εἰς τὰ σύνορα.

ΑΓΩΝΕΣ ΤΕΝΝΙΣ

ΑΛΕΞΑΝΔΡΟΥΠΟΛΙΣ, 17. (Τοῦ ἀνταποκριτοῦ μας). — Ἐξ αἰτίας τῶν συνεχῶν βροχῶν ὁ ποταμὸς Ἕβρος ἐπλημμύρισε κατακλύσας ἐκτεταμένας καλλιεργησίμους ἐκτάσεις. Εἰς τὸ χωρίον Φέραι γεωργὸς ἐφονεύθη ἀπὸ κεραυνόν.

ΚΡΟΥΣΜΑ ΠΟΛΙΟΜΥΕΛΙΤΙΔΟΣ

Ἡ Διεύθυνσις Ἀστυνομίας ἀνεκοίνωσεν ὅτι ἐλήφθησαν αὐστηρὰ μέτρα διὰ τὴν πάταξιν τῆς λαθραίας εἰσαγωγῆς αὐτοκινήτων. Κατὰ τὰς τελευταίας ἡμέρας κατεσχέθησαν πολλὰ αὐτοκίνητα εἰς τὰ σύνορα.

ΛΑΘΡΑΙΑ ΕΙΣΑΓΩΓΗ ΑΥΤΟΚΙΝΗΤΩΝ ΕΙΣ ΕΛΛΑΔΑ

Ἡ Διεύθυνσις Ἀστυνομίας ἀνεκοίνωσεν ὅτι ἐλήφθησαν αὐστηρὰ μέτρα διὰ τὴν πάταξιν τῆς λαθραίας εἰσαγωγῆς αὐτοκινήτων. Κατὰ τὰς τελευταίας ἡμέρας κατεσχέθησαν πολλὰ αὐτοκίνητα εἰς τὰ σύνορα.
